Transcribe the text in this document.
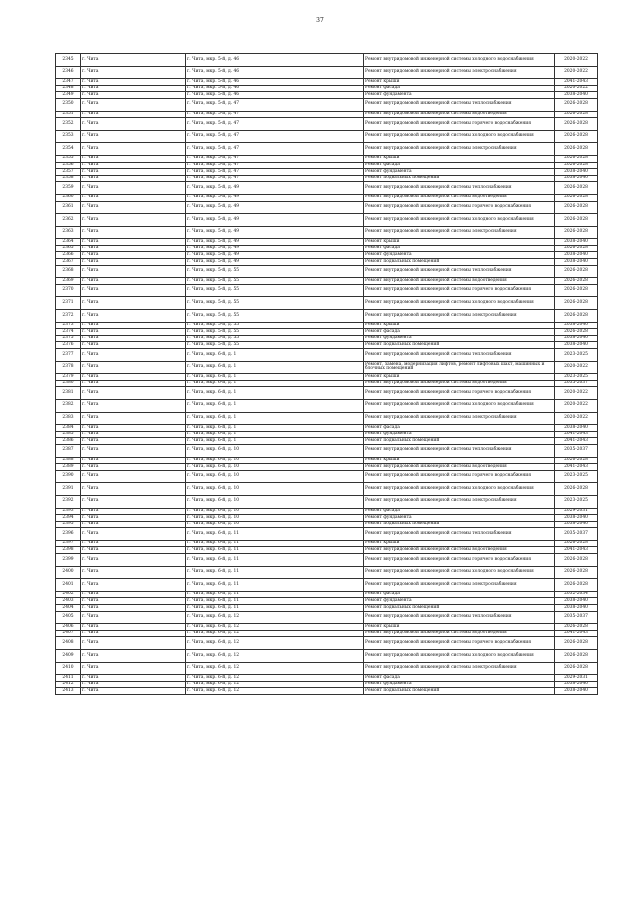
37
2345	г. Чита	г. Чита, мкр. 5-й, д. 46	Ремонт внутридомовой инженерной системы холодного водоснабжения	2020-2022
2346	г. Чита	г. Чита, мкр. 5-й, д. 46	Ремонт внутридомовой инженерной системы электроснабжения	2020-2022
2347	г. Чита	г. Чита, мкр. 5-й, д. 46	Ремонт крыши	2041-2043
2348	г. Чита	г. Чита, мкр. 5-й, д. 46	Ремонт фасада	2020-2022
2349	г. Чита	г. Чита, мкр. 5-й, д. 46	Ремонт фундамента	2038-2040
2350	г. Чита	г. Чита, мкр. 5-й, д. 47	Ремонт внутридомовой инженерной системы теплоснабжения	2026-2028
2351	г. Чита	г. Чита, мкр. 5-й, д. 47	Ремонт внутридомовой инженерной системы водоотведения	2026-2028
2352	г. Чита	г. Чита, мкр. 5-й, д. 47	Ремонт внутридомовой инженерной системы горячего водоснабжения	2026-2028
2353	г. Чита	г. Чита, мкр. 5-й, д. 47	Ремонт внутридомовой инженерной системы холодного водоснабжения	2026-2028
2354	г. Чита	г. Чита, мкр. 5-й, д. 47	Ремонт внутридомовой инженерной системы электроснабжения	2026-2028
2355	г. Чита	г. Чита, мкр. 5-й, д. 47	Ремонт крыши	2026-2028
2356	г. Чита	г. Чита, мкр. 5-й, д. 47	Ремонт фасада	2026-2028
2357	г. Чита	г. Чита, мкр. 5-й, д. 47	Ремонт фундамента	2038-2040
2358	г. Чита	г. Чита, мкр. 5-й, д. 47	Ремонт подвальных помещений	2038-2040
2359	г. Чита	г. Чита, мкр. 5-й, д. 49	Ремонт внутридомовой инженерной системы теплоснабжения	2026-2028
2360	г. Чита	г. Чита, мкр. 5-й, д. 49	Ремонт внутридомовой инженерной системы водоотведения	2026-2028
2361	г. Чита	г. Чита, мкр. 5-й, д. 49	Ремонт внутридомовой инженерной системы горячего водоснабжения	2026-2028
2362	г. Чита	г. Чита, мкр. 5-й, д. 49	Ремонт внутридомовой инженерной системы холодного водоснабжения	2026-2028
2363	г. Чита	г. Чита, мкр. 5-й, д. 49	Ремонт внутридомовой инженерной системы электроснабжения	2026-2028
2364	г. Чита	г. Чита, мкр. 5-й, д. 49	Ремонт крыши	2038-2040
2365	г. Чита	г. Чита, мкр. 5-й, д. 49	Ремонт фасада	2026-2028
2366	г. Чита	г. Чита, мкр. 5-й, д. 49	Ремонт фундамента	2038-2040
2367	г. Чита	г. Чита, мкр. 5-й, д. 49	Ремонт подвальных помещений	2038-2040
2368	г. Чита	г. Чита, мкр. 5-й, д. 55	Ремонт внутридомовой инженерной системы теплоснабжения	2026-2028
2369	г. Чита	г. Чита, мкр. 5-й, д. 55	Ремонт внутридомовой инженерной системы водоотведения	2026-2028
2370	г. Чита	г. Чита, мкр. 5-й, д. 55	Ремонт внутридомовой инженерной системы горячего водоснабжения	2026-2028
2371	г. Чита	г. Чита, мкр. 5-й, д. 55	Ремонт внутридомовой инженерной системы холодного водоснабжения	2026-2028
2372	г. Чита	г. Чита, мкр. 5-й, д. 55	Ремонт внутридомовой инженерной системы электроснабжения	2026-2028
2373	г. Чита	г. Чита, мкр. 5-й, д. 55	Ремонт крыши	2038-2040
2374	г. Чита	г. Чита, мкр. 5-й, д. 55	Ремонт фасада	2026-2028
2375	г. Чита	г. Чита, мкр. 5-й, д. 55	Ремонт фундамента	2038-2040
2376	г. Чита	г. Чита, мкр. 5-й, д. 55	Ремонт подвальных помещений	2038-2040
2377	г. Чита	г. Чита, мкр. 6-й, д. 1	Ремонт внутридомовой инженерной системы теплоснабжения	2023-2025
2378	г. Чита	г. Чита, мкр. 6-й, д. 1	Ремонт, замена, модернизация лифтов, ремонт лифтовых шахт, машинных и блочных помещений	2020-2022
2379	г. Чита	г. Чита, мкр. 6-й, д. 1	Ремонт крыши	2023-2025
2380	г. Чита	г. Чита, мкр. 6-й, д. 1	Ремонт внутридомовой инженерной системы водоотведения	2035-2037
2381	г. Чита	г. Чита, мкр. 6-й, д. 1	Ремонт внутридомовой инженерной системы горячего водоснабжения	2020-2022
2382	г. Чита	г. Чита, мкр. 6-й, д. 1	Ремонт внутридомовой инженерной системы холодного водоснабжения	2020-2022
2383	г. Чита	г. Чита, мкр. 6-й, д. 1	Ремонт внутридомовой инженерной системы электроснабжения	2020-2022
2384	г. Чита	г. Чита, мкр. 6-й, д. 1	Ремонт фасада	2038-2040
2385	г. Чита	г. Чита, мкр. 6-й, д. 1	Ремонт фундамента	2041-2043
2386	г. Чита	г. Чита, мкр. 6-й, д. 1	Ремонт подвальных помещений	2041-2043
2387	г. Чита	г. Чита, мкр. 6-й, д. 10	Ремонт внутридомовой инженерной системы теплоснабжения	2035-2037
2388	г. Чита	г. Чита, мкр. 6-й, д. 10	Ремонт крыши	2026-2028
2389	г. Чита	г. Чита, мкр. 6-й, д. 10	Ремонт внутридомовой инженерной системы водоотведения	2041-2043
2390	г. Чита	г. Чита, мкр. 6-й, д. 10	Ремонт внутридомовой инженерной системы горячего водоснабжения	2023-2025
2391	г. Чита	г. Чита, мкр. 6-й, д. 10	Ремонт внутридомовой инженерной системы холодного водоснабжения	2026-2028
2392	г. Чита	г. Чита, мкр. 6-й, д. 10	Ремонт внутридомовой инженерной системы электроснабжения	2023-2025
2393	г. Чита	г. Чита, мкр. 6-й, д. 10	Ремонт фасада	2029-2031
2394	г. Чита	г. Чита, мкр. 6-й, д. 10	Ремонт фундамента	2038-2040
2395	г. Чита	г. Чита, мкр. 6-й, д. 10	Ремонт подвальных помещений	2038-2040
2396	г. Чита	г. Чита, мкр. 6-й, д. 11	Ремонт внутридомовой инженерной системы теплоснабжения	2035-2037
2397	г. Чита	г. Чита, мкр. 6-й, д. 11	Ремонт крыши	2026-2028
2398	г. Чита	г. Чита, мкр. 6-й, д. 11	Ремонт внутридомовой инженерной системы водоотведения	2041-2043
2399	г. Чита	г. Чита, мкр. 6-й, д. 11	Ремонт внутридомовой инженерной системы горячего водоснабжения	2026-2028
2400	г. Чита	г. Чита, мкр. 6-й, д. 11	Ремонт внутридомовой инженерной системы холодного водоснабжения	2026-2028
2401	г. Чита	г. Чита, мкр. 6-й, д. 11	Ремонт внутридомовой инженерной системы электроснабжения	2026-2028
2402	г. Чита	г. Чита, мкр. 6-й, д. 11	Ремонт фасада	2032-2034
2403	г. Чита	г. Чита, мкр. 6-й, д. 11	Ремонт фундамента	2038-2040
2404	г. Чита	г. Чита, мкр. 6-й, д. 11	Ремонт подвальных помещений	2038-2040
2405	г. Чита	г. Чита, мкр. 6-й, д. 12	Ремонт внутридомовой инженерной системы теплоснабжения	2035-2037
2406	г. Чита	г. Чита, мкр. 6-й, д. 12	Ремонт крыши	2026-2028
2407	г. Чита	г. Чита, мкр. 6-й, д. 12	Ремонт внутридомовой инженерной системы водоотведения	2041-2043
2408	г. Чита	г. Чита, мкр. 6-й, д. 12	Ремонт внутридомовой инженерной системы горячего водоснабжения	2026-2028
2409	г. Чита	г. Чита, мкр. 6-й, д. 12	Ремонт внутридомовой инженерной системы холодного водоснабжения	2026-2028
2410	г. Чита	г. Чита, мкр. 6-й, д. 12	Ремонт внутридомовой инженерной системы электроснабжения	2026-2028
2411	г. Чита	г. Чита, мкр. 6-й, д. 12	Ремонт фасада	2029-2031
2412	г. Чита	г. Чита, мкр. 6-й, д. 12	Ремонт фундамента	2038-2040
2413	г. Чита	г. Чита, мкр. 6-й, д. 12	Ремонт подвальных помещений	2038-2040
